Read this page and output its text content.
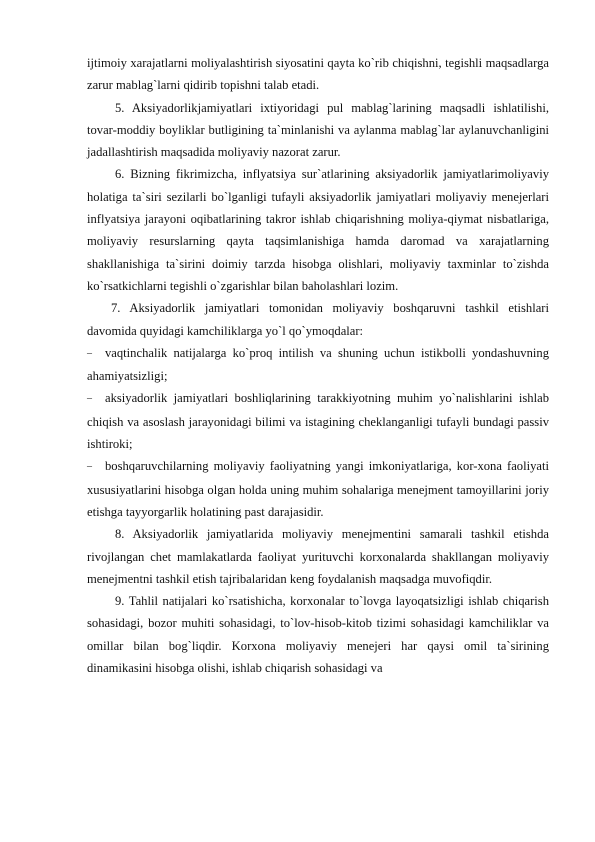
ijtimoiy xarajatlarni moliyalashtirish siyosatini qayta ko`rib chiqishni, tegishli maqsadlarga zarur mablag`larni qidirib topishni talab etadi.

5. Aksiyadorlikjamiyatlari ixtiyoridagi pul mablag`larining maqsadli ishlatilishi, tovar-moddiy boyliklar butligining ta`minlanishi va aylanma mablag`lar aylanuvchanligini jadallashtirish maqsadida moliyaviy nazorat zarur.

6. Bizning fikrimizcha, inflyatsiya sur`atlarining aksiyadorlik jamiyatlarimoliyaviy holatiga ta`siri sezilarli bo`lganligi tufayli aksiyadorlik jamiyatlari moliyaviy menejerlari inflyatsiya jarayoni oqibatlarining takror ishlab chiqarishning moliya-qiymat nisbatlariga, moliyaviy resurslarning qayta taqsimlanishiga hamda daromad va xarajatlarning shakllanishiga ta`sirini doimiy tarzda hisobga olishlari, moliyaviy taxminlar to`zishda ko`rsatkichlarni tegishli o`zgarishlar bilan baholashlari lozim.

7. Aksiyadorlik jamiyatlari tomonidan moliyaviy boshqaruvni tashkil etishlari davomida quyidagi kamchiliklarga yo`l qo`ymoqdalar:

– vaqtinchalik natijalarga ko`proq intilish va shuning uchun istikbolli yondashuvning ahamiyatsizligi;

– aksiyadorlik jamiyatlari boshliqlarining tarakkiyotning muhim yo`nalishlarini ishlab chiqish va asoslash jarayonidagi bilimi va istagining cheklanganligi tufayli bundagi passiv ishtiroki;

– boshqaruvchilarning moliyaviy faoliyatning yangi imkoniyatlariga, kor-xona faoliyati xususiyatlarini hisobga olgan holda uning muhim sohalariga menejment tamoyillarini joriy etishga tayyorgarlik holatining past darajasidir.

8. Aksiyadorlik jamiyatlarida moliyaviy menejmentini samarali tashkil etishda rivojlangan chet mamlakatlarda faoliyat yurituvchi korxonalarda shakllangan moliyaviy menejmentni tashkil etish tajribalaridan keng foydalanish maqsadga muvofiqdir.

9. Tahlil natijalari ko`rsatishicha, korxonalar to`lovga layoqatsizligi ishlab chiqarish sohasidagi, bozor muhiti sohasidagi, to`lov-hisob-kitob tizimi sohasidagi kamchiliklar va omillar bilan bog`liqdir. Korxona moliyaviy menejeri har qaysi omil ta`sirining dinamikasini hisobga olishi, ishlab chiqarish sohasidagi va
